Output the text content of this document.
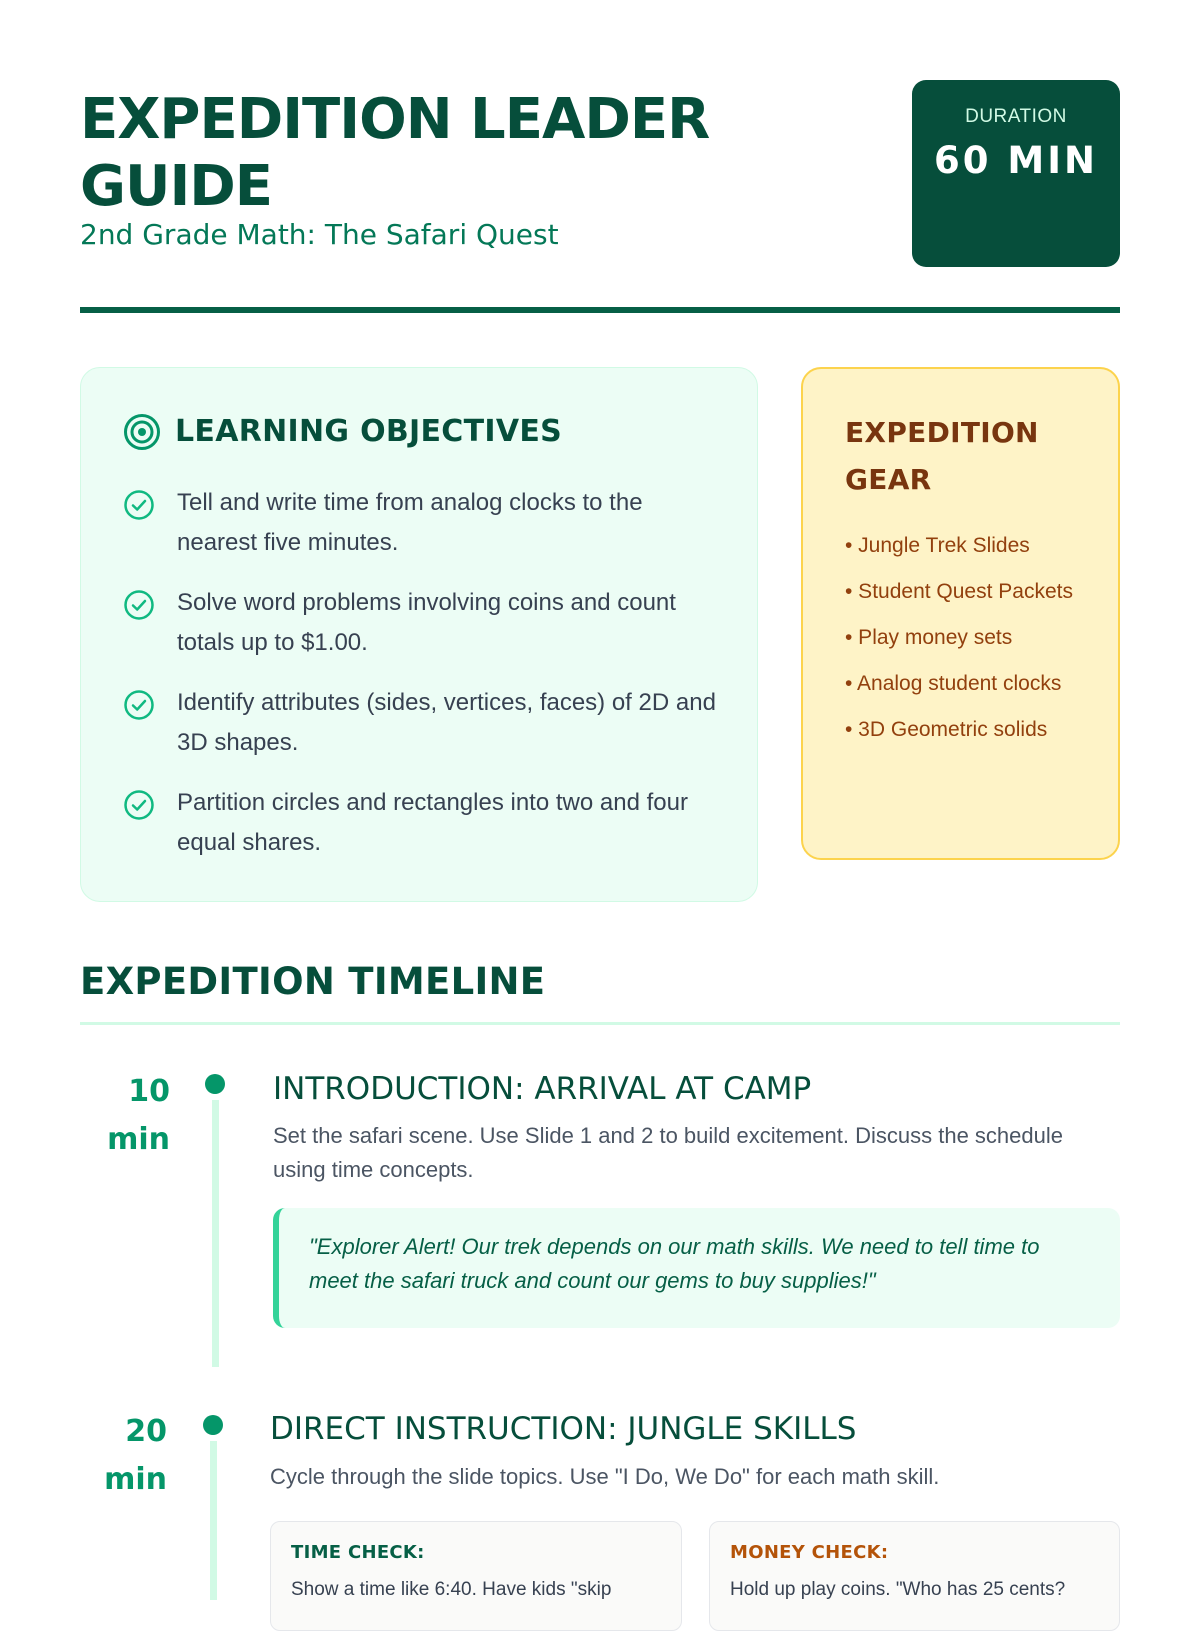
EXPEDITION LEADER GUIDE
2nd Grade Math: The Safari Quest
DURATION
60 MIN
LEARNING OBJECTIVES
Tell and write time from analog clocks to the nearest five minutes.
Solve word problems involving coins and count totals up to $1.00.
Identify attributes (sides, vertices, faces) of 2D and 3D shapes.
Partition circles and rectangles into two and four equal shares.
EXPEDITION GEAR
• Jungle Trek Slides
• Student Quest Packets
• Play money sets
• Analog student clocks
• 3D Geometric solids
EXPEDITION TIMELINE
10 min
INTRODUCTION: ARRIVAL AT CAMP
Set the safari scene. Use Slide 1 and 2 to build excitement. Discuss the schedule using time concepts.
"Explorer Alert! Our trek depends on our math skills. We need to tell time to meet the safari truck and count our gems to buy supplies!"
20 min
DIRECT INSTRUCTION: JUNGLE SKILLS
Cycle through the slide topics. Use "I Do, We Do" for each math skill.
TIME CHECK:
Show a time like 6:40. Have kids "skip
MONEY CHECK:
Hold up play coins. "Who has 25 cents?
